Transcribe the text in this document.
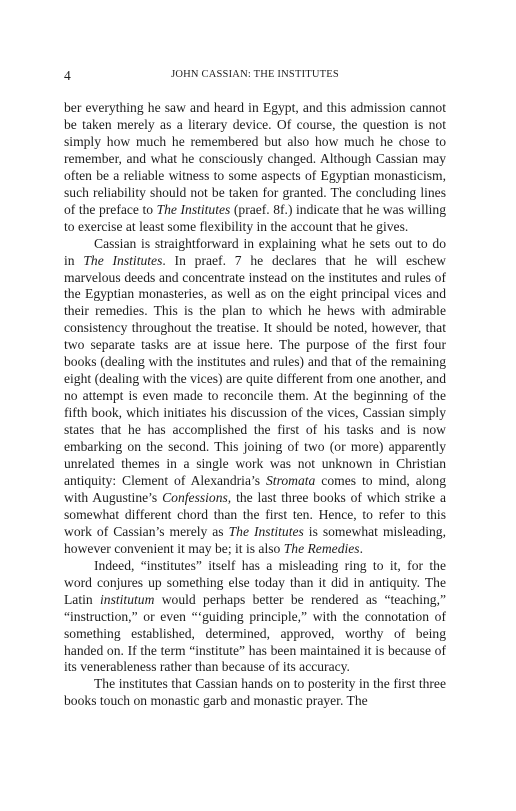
4	JOHN CASSIAN: THE INSTITUTES

ber everything he saw and heard in Egypt, and this admission cannot be taken merely as a literary device. Of course, the question is not simply how much he remembered but also how much he chose to remember, and what he consciously changed. Although Cassian may often be a reliable witness to some aspects of Egyptian monasticism, such reliability should not be taken for granted. The concluding lines of the preface to The Institutes (praef. 8f.) indicate that he was willing to exercise at least some flexibility in the account that he gives.

Cassian is straightforward in explaining what he sets out to do in The Institutes. In praef. 7 he declares that he will eschew marvelous deeds and concentrate instead on the institutes and rules of the Egyptian monasteries, as well as on the eight principal vices and their remedies. This is the plan to which he hews with admirable consistency throughout the treatise. It should be noted, however, that two separate tasks are at issue here. The purpose of the first four books (dealing with the institutes and rules) and that of the remaining eight (dealing with the vices) are quite different from one another, and no attempt is even made to reconcile them. At the beginning of the fifth book, which initiates his discussion of the vices, Cassian simply states that he has accomplished the first of his tasks and is now embarking on the second. This joining of two (or more) apparently unrelated themes in a single work was not unknown in Christian antiquity: Clement of Alexandria’s Stromata comes to mind, along with Augustine’s Confessions, the last three books of which strike a somewhat different chord than the first ten. Hence, to refer to this work of Cassian’s merely as The Institutes is somewhat misleading, however convenient it may be; it is also The Remedies.

Indeed, “institutes” itself has a misleading ring to it, for the word conjures up something else today than it did in antiquity. The Latin institutum would perhaps better be rendered as “teaching,” “instruction,” or even “‘guiding principle,” with the connotation of something established, determined, approved, worthy of being handed on. If the term “institute” has been maintained it is because of its venerableness rather than because of its accuracy.

The institutes that Cassian hands on to posterity in the first three books touch on monastic garb and monastic prayer. The
